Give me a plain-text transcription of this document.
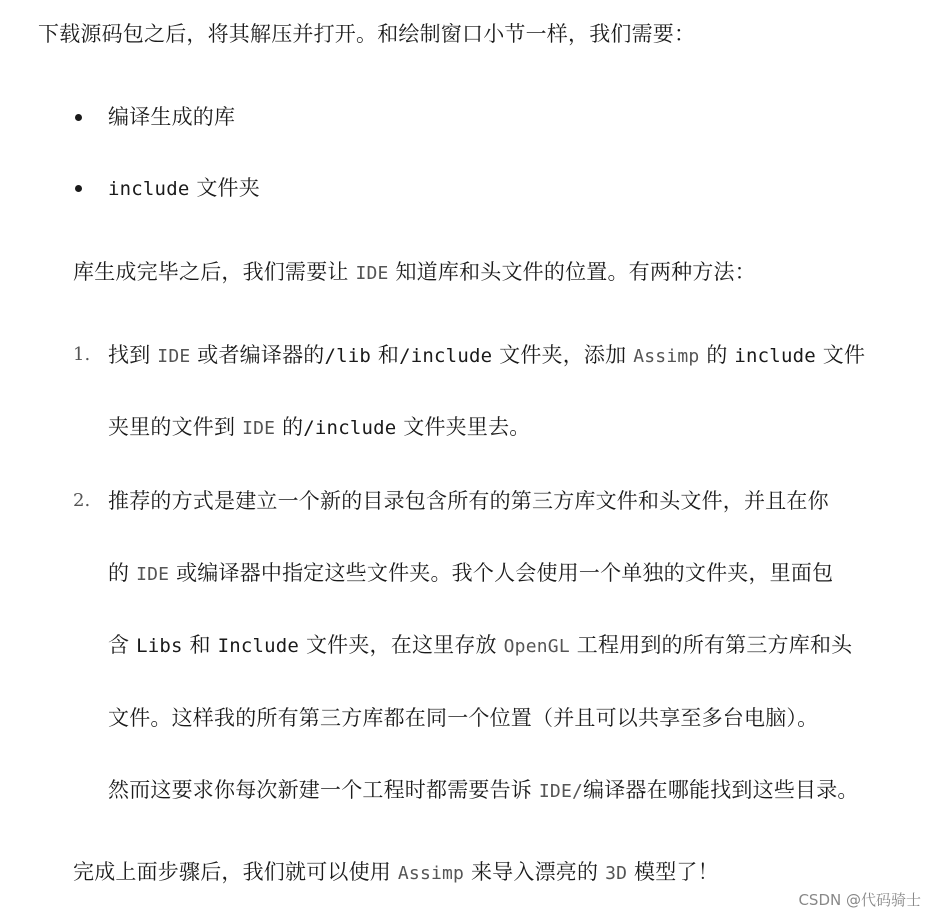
下载源码包之后，将其解压并打开。和绘制窗口小节一样，我们需要：
编译生成的库
include 文件夹
库生成完毕之后，我们需要让 IDE 知道库和头文件的位置。有两种方法：
1. 找到 IDE 或者编译器的/lib 和/include 文件夹，添加 Assimp 的 include 文件
夹里的文件到 IDE 的/include 文件夹里去。
2. 推荐的方式是建立一个新的目录包含所有的第三方库文件和头文件，并且在你
的 IDE 或编译器中指定这些文件夹。我个人会使用一个单独的文件夹，里面包
含 Libs 和 Include 文件夹，在这里存放 OpenGL 工程用到的所有第三方库和头
文件。这样我的所有第三方库都在同一个位置（并且可以共享至多台电脑）。
然而这要求你每次新建一个工程时都需要告诉 IDE/编译器在哪能找到这些目录。
完成上面步骤后，我们就可以使用 Assimp 来导入漂亮的 3D 模型了！
CSDN @代码骑士
